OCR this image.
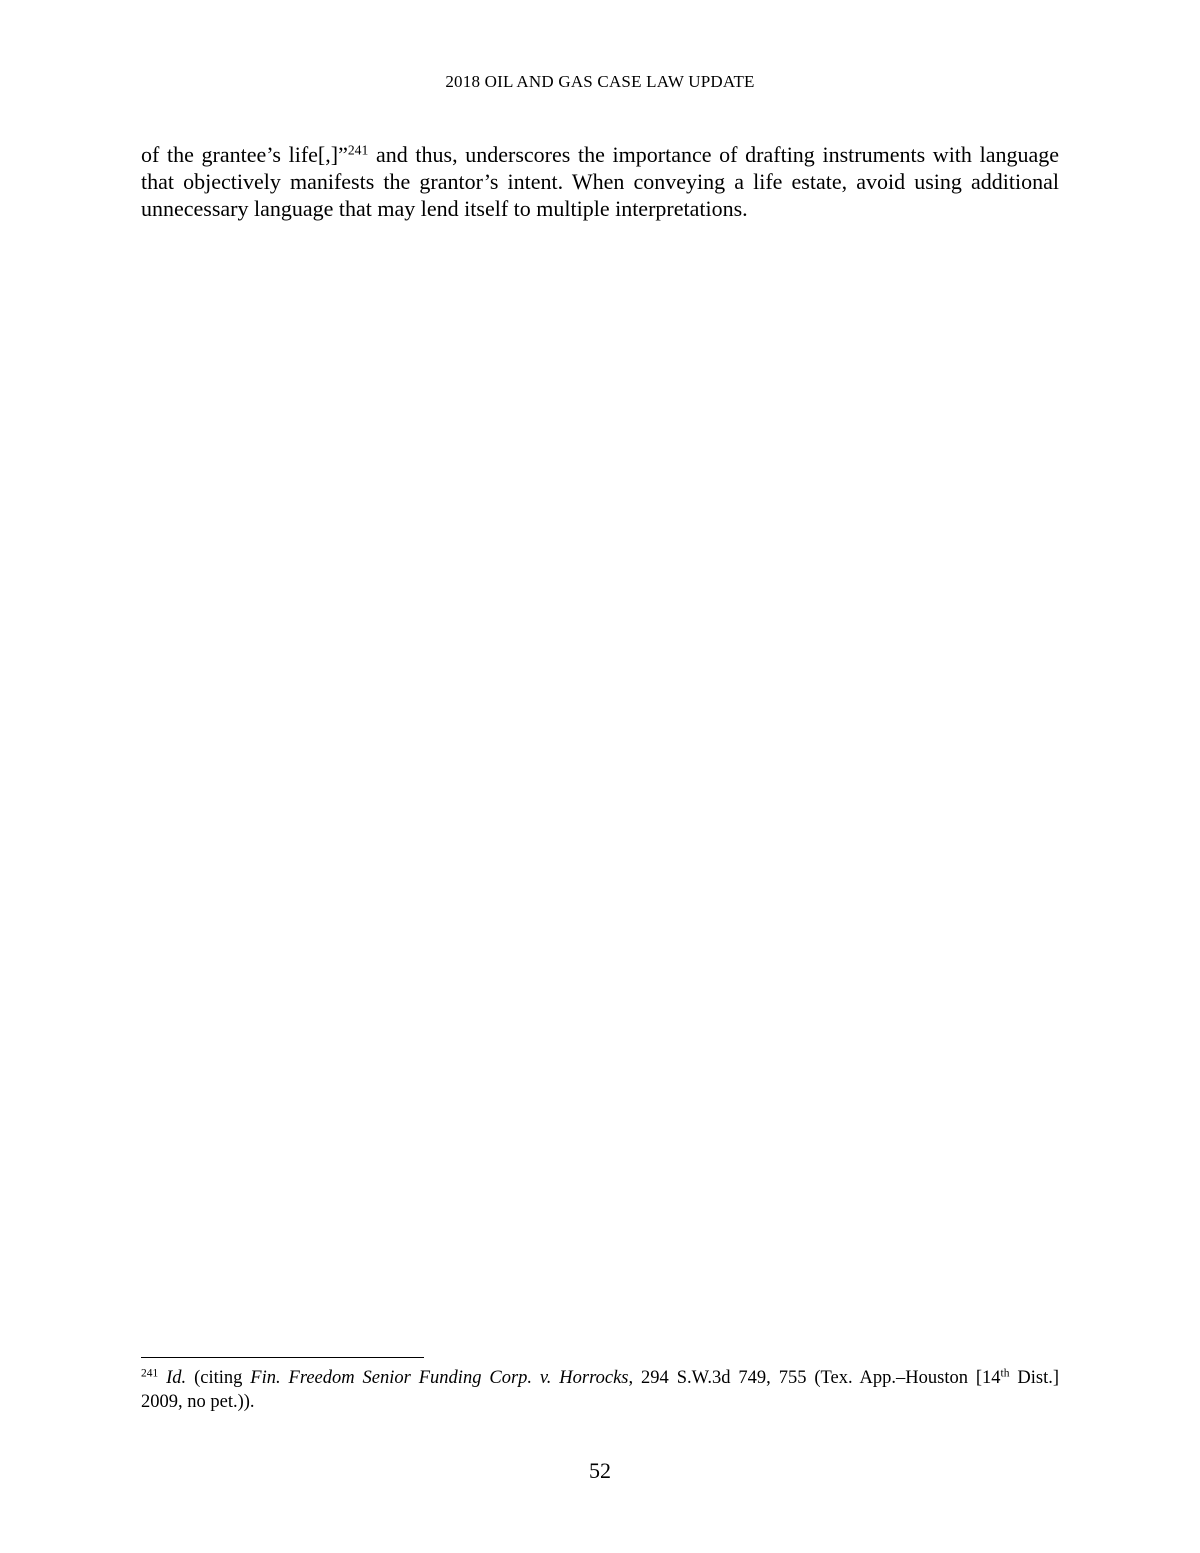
2018 OIL AND GAS CASE LAW UPDATE
of the grantee’s life[,]”$^{241}$ and thus, underscores the importance of drafting instruments with language that objectively manifests the grantor’s intent. When conveying a life estate, avoid using additional unnecessary language that may lend itself to multiple interpretations.
$^{241}$ Id. (citing Fin. Freedom Senior Funding Corp. v. Horrocks, 294 S.W.3d 749, 755 (Tex. App.–Houston [14th Dist.]
2009, no pet.)).
52
